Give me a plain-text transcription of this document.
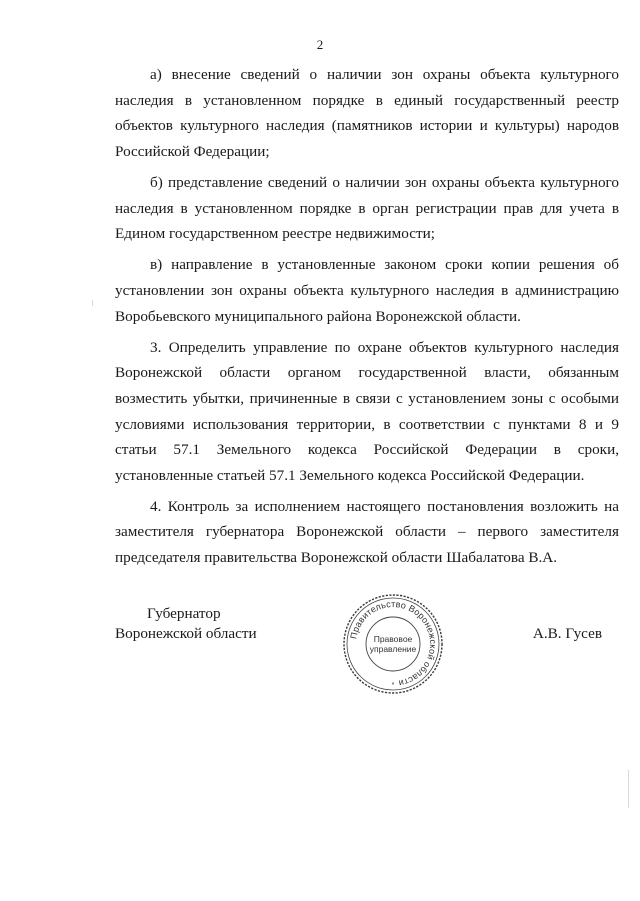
2

а) внесение сведений о наличии зон охраны объекта культурного наследия в установленном порядке в единый государственный реестр объектов культурного наследия (памятников истории и культуры) народов Российской Федерации;

б) представление сведений о наличии зон охраны объекта культурного наследия в установленном порядке в орган регистрации прав для учета в Едином государственном реестре недвижимости;

в) направление в установленные законом сроки копии решения об установлении зон охраны объекта культурного наследия в администрацию Воробьевского муниципального района Воронежской области.

3. Определить управление по охране объектов культурного наследия Воронежской области органом государственной власти, обязанным возместить убытки, причиненные в связи с установлением зоны с особыми условиями использования территории, в соответствии с пунктами 8 и 9 статьи 57.1 Земельного кодекса Российской Федерации в сроки, установленные статьей 57.1 Земельного кодекса Российской Федерации.

4. Контроль за исполнением настоящего постановления возложить на заместителя губернатора Воронежской области – первого заместителя председателя правительства Воронежской области Шабалатова В.А.

Губернатор
Воронежской области	Правительство Воронежской области
Правовое
управление
*
А.В. Гусев
